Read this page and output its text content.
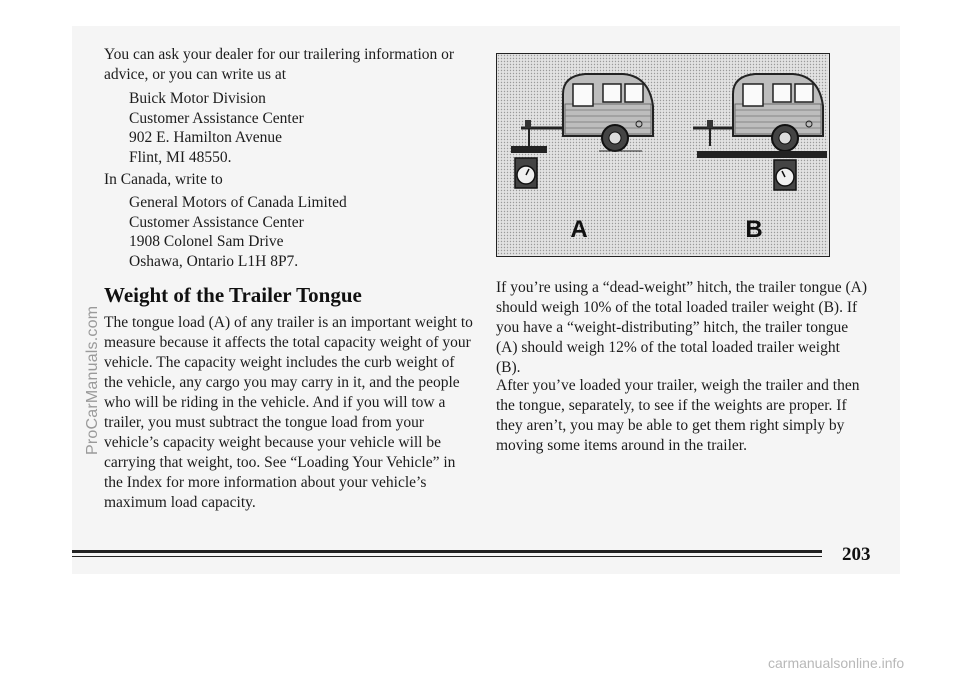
You can ask your dealer for our trailering information or advice, or you can write us at

Buick Motor Division
Customer Assistance Center
902 E. Hamilton Avenue
Flint, MI 48550.

In Canada, write to

General Motors of Canada Limited
Customer Assistance Center
1908 Colonel Sam Drive
Oshawa, Ontario L1H 8P7.
Weight of the Trailer Tongue

The tongue load (A) of any trailer is an important weight to measure because it affects the total capacity weight of your vehicle. The capacity weight includes the curb weight of the vehicle, any cargo you may carry in it, and the people who will be riding in the vehicle. And if you will tow a trailer, you must subtract the tongue load from your vehicle’s capacity weight because your vehicle will be carrying that weight, too. See “Loading Your Vehicle” in the Index for more information about your vehicle’s maximum load capacity.

A	B

If you’re using a “dead-weight” hitch, the trailer tongue (A) should weigh 10% of the total loaded trailer weight (B). If you have a “weight-distributing” hitch, the trailer tongue (A) should weigh 12% of the total loaded trailer weight (B).

After you’ve loaded your trailer, weigh the trailer and then the tongue, separately, to see if the weights are proper. If they aren’t, you may be able to get them right simply by moving some items around in the trailer.

203
ProCarManuals.com
carmanualsonline.info
